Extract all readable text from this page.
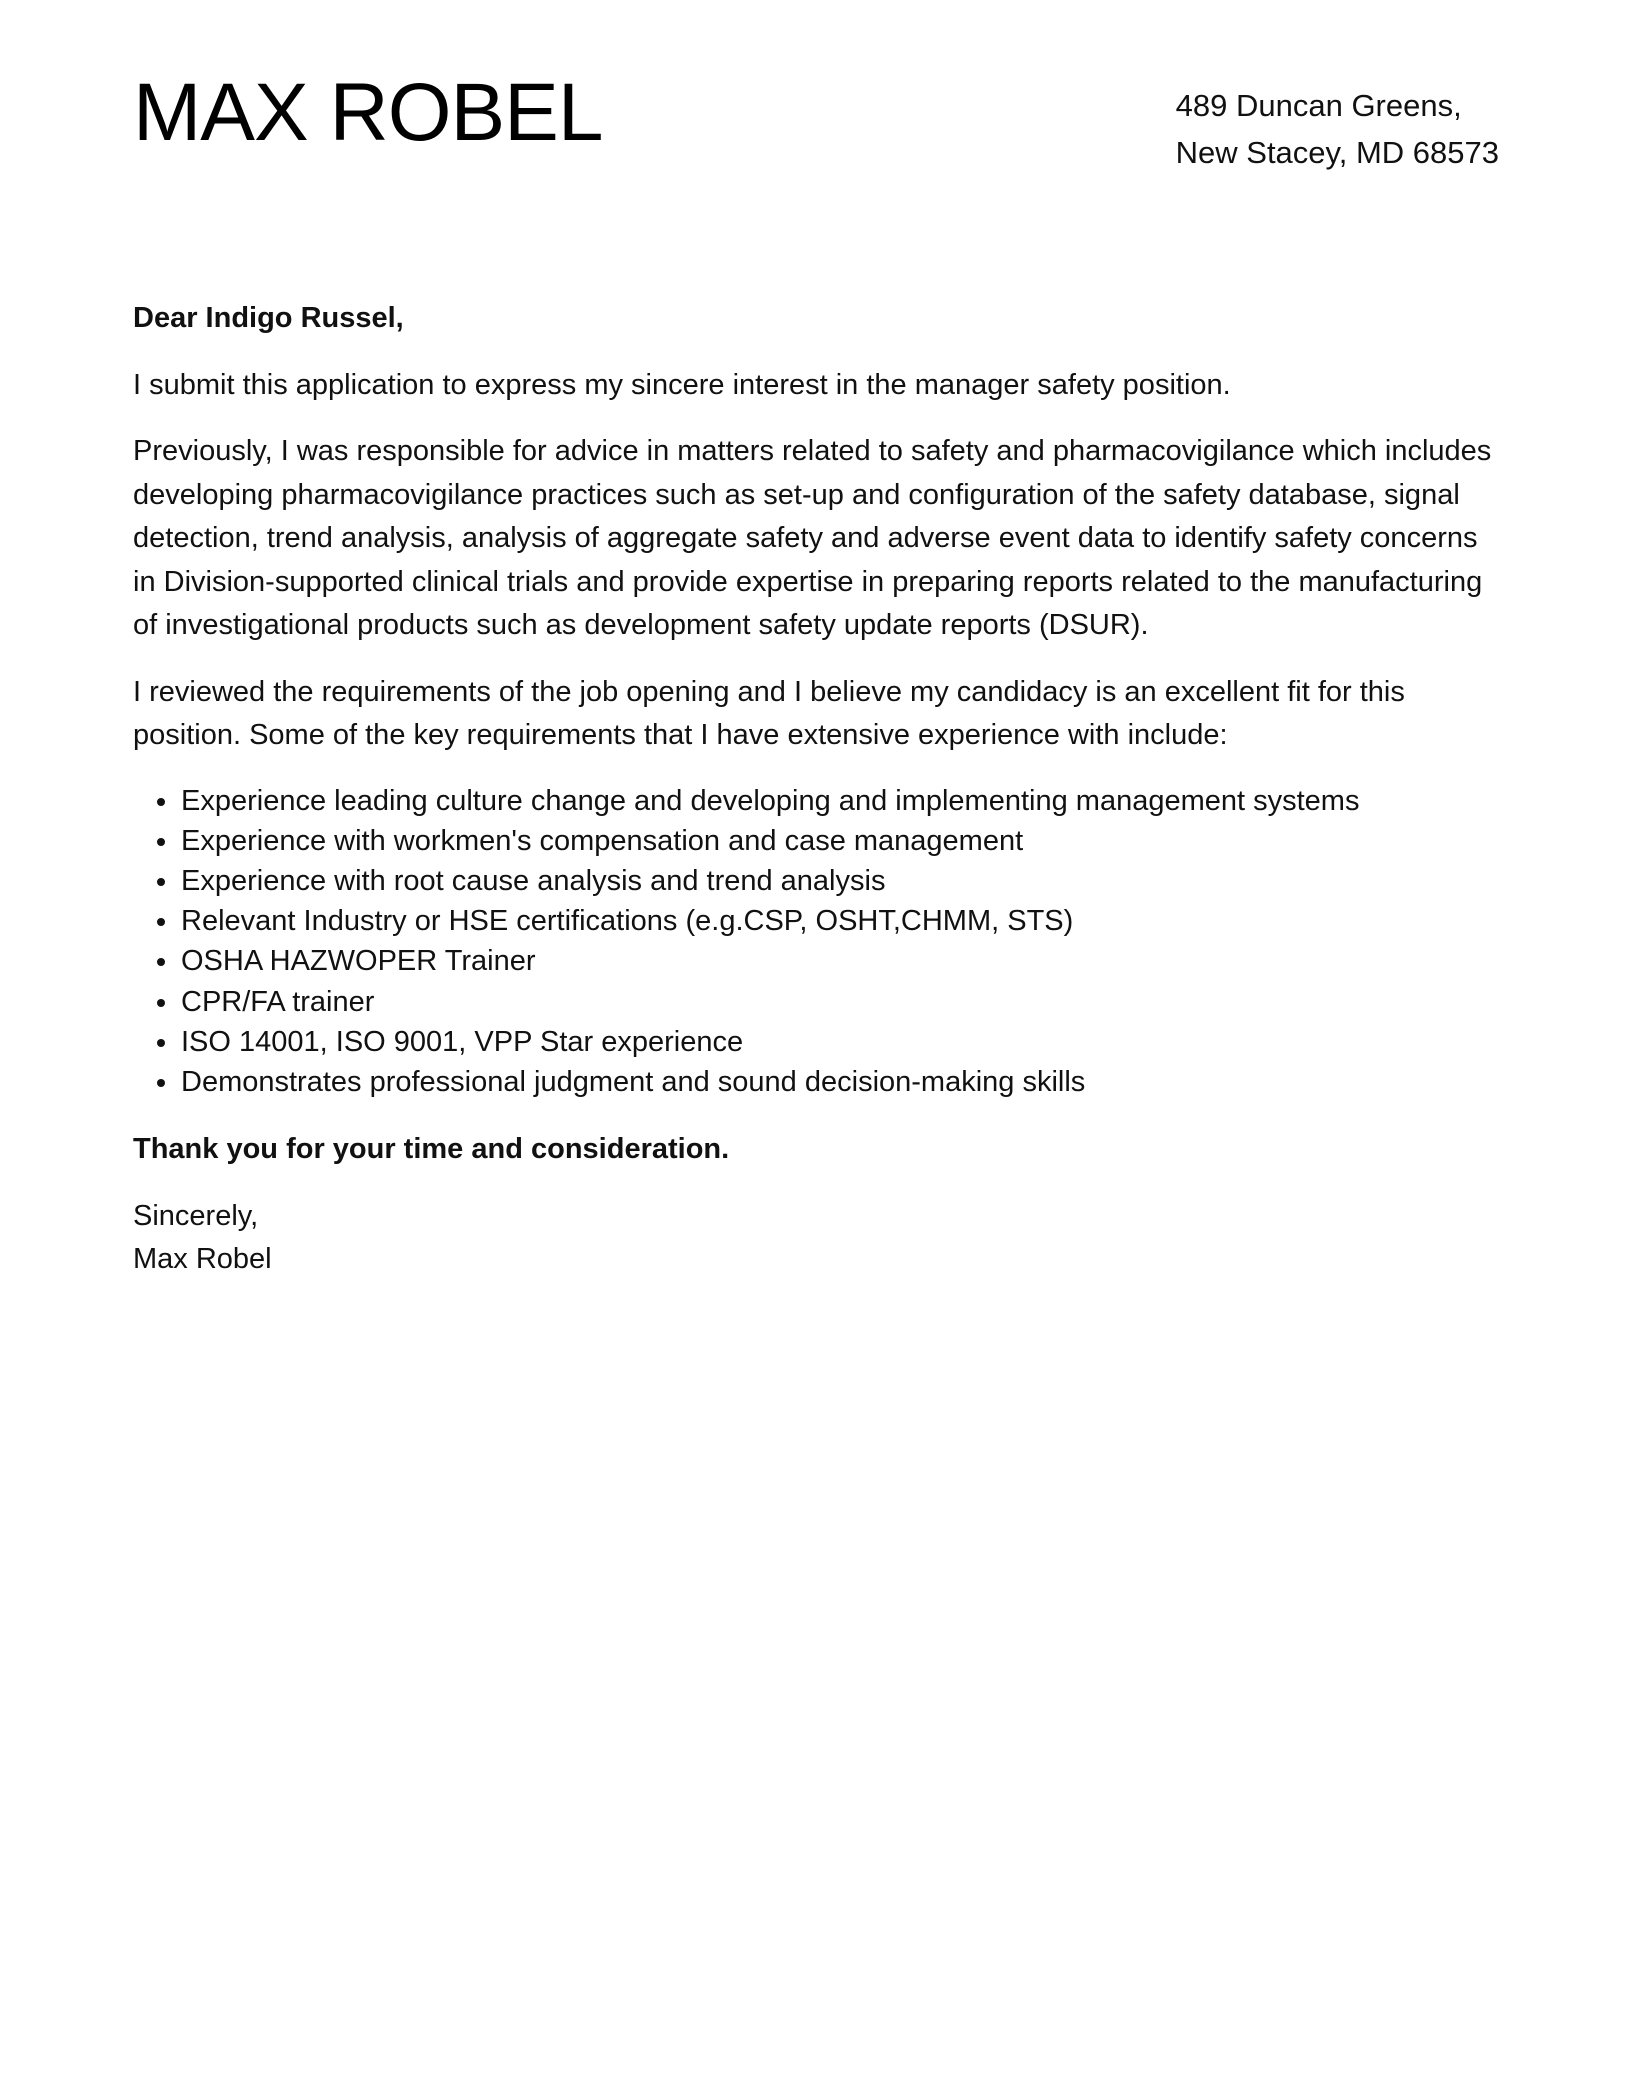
MAX ROBEL	489 Duncan Greens,
New Stacey, MD 68573

Dear Indigo Russel,

I submit this application to express my sincere interest in the manager safety position.

Previously, I was responsible for advice in matters related to safety and pharmacovigilance which includes developing pharmacovigilance practices such as set-up and configuration of the safety database, signal detection, trend analysis, analysis of aggregate safety and adverse event data to identify safety concerns in Division-supported clinical trials and provide expertise in preparing reports related to the manufacturing of investigational products such as development safety update reports (DSUR).

I reviewed the requirements of the job opening and I believe my candidacy is an excellent fit for this position. Some of the key requirements that I have extensive experience with include:

Experience leading culture change and developing and implementing management systems
Experience with workmen's compensation and case management
Experience with root cause analysis and trend analysis
Relevant Industry or HSE certifications (e.g.CSP, OSHT,CHMM, STS)
OSHA HAZWOPER Trainer
CPR/FA trainer
ISO 14001, ISO 9001, VPP Star experience
Demonstrates professional judgment and sound decision-making skills

Thank you for your time and consideration.

Sincerely,
Max Robel
